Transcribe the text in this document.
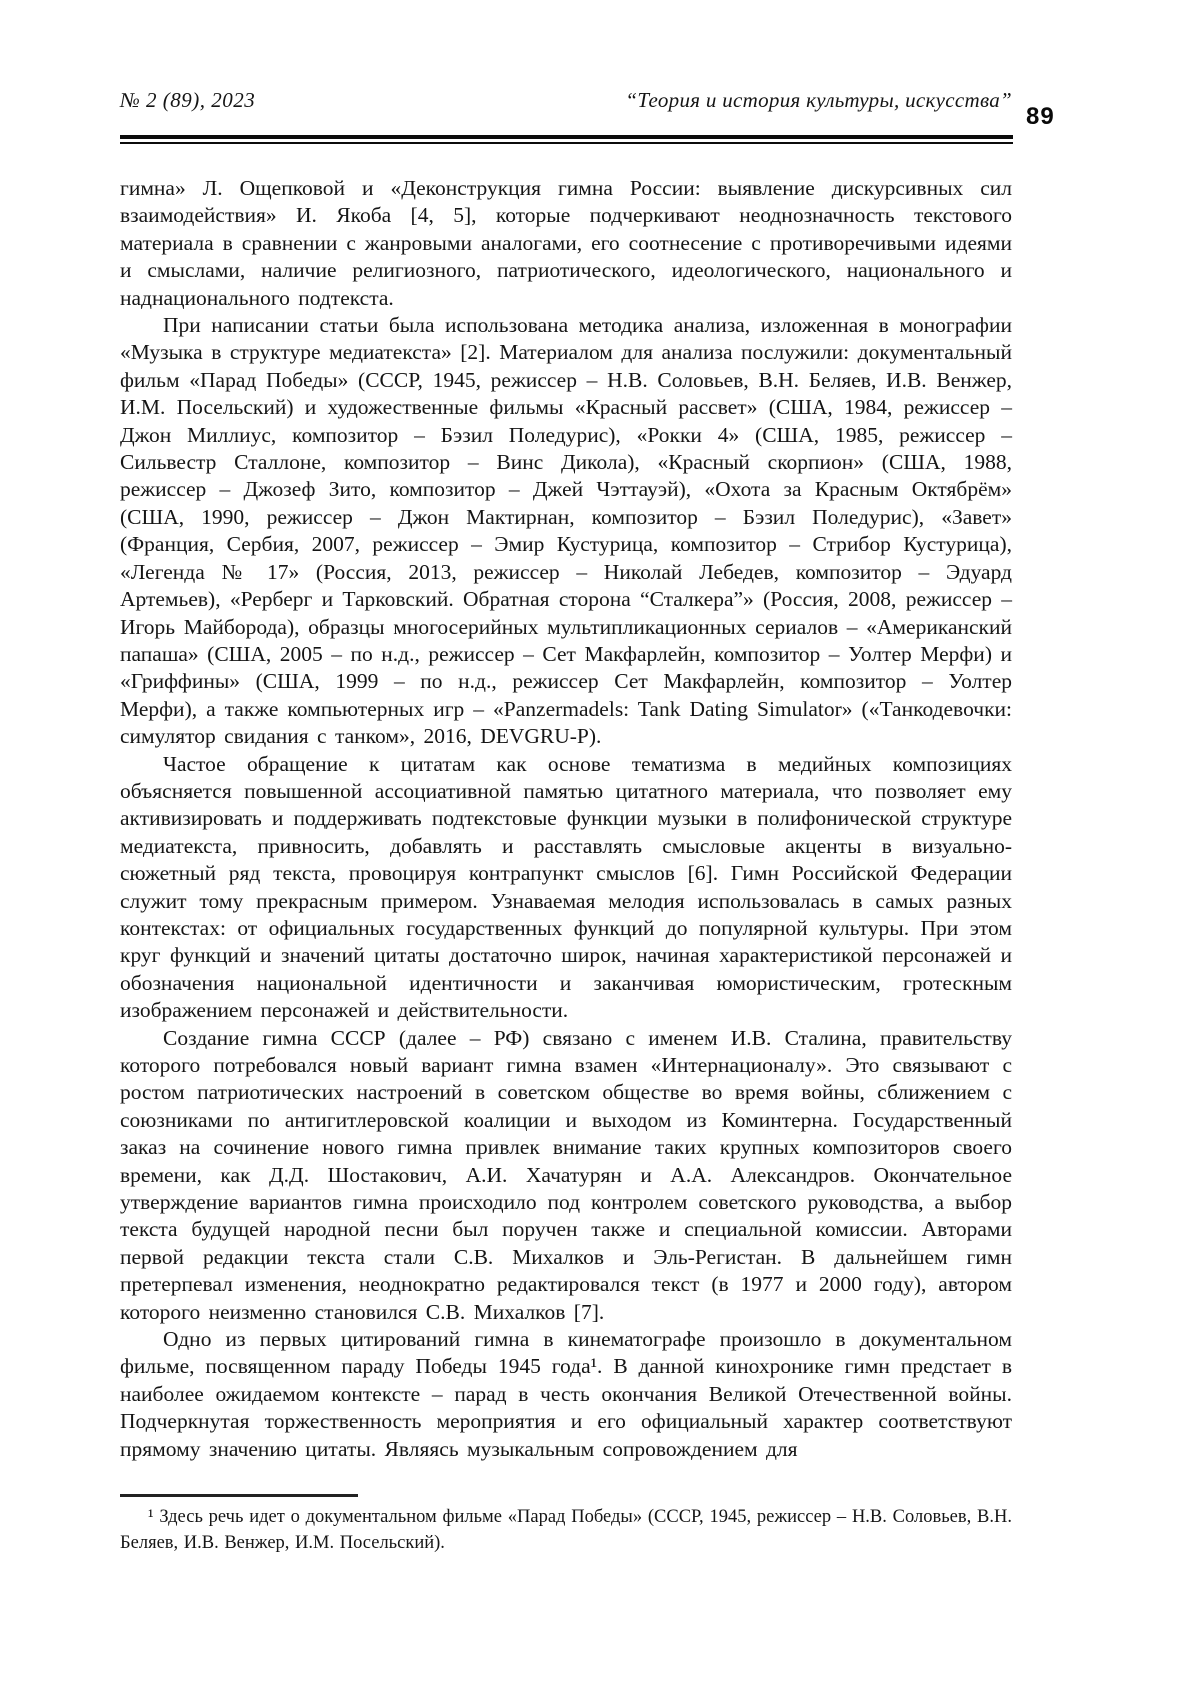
№ 2 (89), 2023	“Теория и история культуры, искусства”
89

гимна» Л. Ощепковой и «Деконструкция гимна России: выявление дискурсивных сил взаимодействия» И. Якоба [4, 5], которые подчеркивают неоднозначность текстового материала в сравнении с жанровыми аналогами, его соотнесение с противоречивыми идеями и смыслами, наличие религиозного, патриотического, идеологического, национального и наднационального подтекста.

При написании статьи была использована методика анализа, изложенная в монографии «Музыка в структуре медиатекста» [2]. Материалом для анализа послужили: документальный фильм «Парад Победы» (СССР, 1945, режиссер – Н.В. Соловьев, В.Н. Беляев, И.В. Венжер, И.М. Посельский) и художественные фильмы «Красный рассвет» (США, 1984, режиссер – Джон Миллиус, композитор – Бэзил Поледурис), «Рокки 4» (США, 1985, режиссер – Сильвестр Сталлоне, композитор – Винс Дикола), «Красный скорпион» (США, 1988, режиссер – Джозеф Зито, композитор – Джей Чэттауэй), «Охота за Красным Октябрём» (США, 1990, режиссер – Джон Мактирнан, композитор – Бэзил Поледурис), «Завет» (Франция, Сербия, 2007, режиссер – Эмир Кустурица, композитор – Стрибор Кустурица), «Легенда № 17» (Россия, 2013, режиссер – Николай Лебедев, композитор – Эдуард Артемьев), «Рерберг и Тарковский. Обратная сторона “Сталкера”» (Россия, 2008, режиссер – Игорь Майборода), образцы многосерийных мультипликационных сериалов – «Американский папаша» (США, 2005 – по н.д., режиссер – Сет Макфарлейн, композитор – Уолтер Мерфи) и «Гриффины» (США, 1999 – по н.д., режиссер Сет Макфарлейн, композитор – Уолтер Мерфи), а также компьютерных игр – «Panzermadels: Tank Dating Simulator» («Танкодевочки: симулятор свидания с танком», 2016, DEVGRU-P).

Частое обращение к цитатам как основе тематизма в медийных композициях объясняется повышенной ассоциативной памятью цитатного материала, что позволяет ему активизировать и поддерживать подтекстовые функции музыки в полифонической структуре медиатекста, привносить, добавлять и расставлять смысловые акценты в визуально-сюжетный ряд текста, провоцируя контрапункт смыслов [6]. Гимн Российской Федерации служит тому прекрасным примером. Узнаваемая мелодия использовалась в самых разных контекстах: от официальных государственных функций до популярной культуры. При этом круг функций и значений цитаты достаточно широк, начиная характеристикой персонажей и обозначения национальной идентичности и заканчивая юмористическим, гротескным изображением персонажей и действительности.

Создание гимна СССР (далее – РФ) связано с именем И.В. Сталина, правительству которого потребовался новый вариант гимна взамен «Интернационалу». Это связывают с ростом патриотических настроений в советском обществе во время войны, сближением с союзниками по антигитлеровской коалиции и выходом из Коминтерна. Государственный заказ на сочинение нового гимна привлек внимание таких крупных композиторов своего времени, как Д.Д. Шостакович, А.И. Хачатурян и А.А. Александров. Окончательное утверждение вариантов гимна происходило под контролем советского руководства, а выбор текста будущей народной песни был поручен также и специальной комиссии. Авторами первой редакции текста стали С.В. Михалков и Эль-Регистан. В дальнейшем гимн претерпевал изменения, неоднократно редактировался текст (в 1977 и 2000 году), автором которого неизменно становился С.В. Михалков [7].

Одно из первых цитирований гимна в кинематографе произошло в документальном фильме, посвященном параду Победы 1945 года¹. В данной кинохронике гимн предстает в наиболее ожидаемом контексте – парад в честь окончания Великой Отечественной войны. Подчеркнутая торжественность мероприятия и его официальный характер соответствуют прямому значению цитаты. Являясь музыкальным сопровождением для

¹ Здесь речь идет о документальном фильме «Парад Победы» (СССР, 1945, режиссер – Н.В. Соловьев, В.Н. Беляев, И.В. Венжер, И.М. Посельский).
